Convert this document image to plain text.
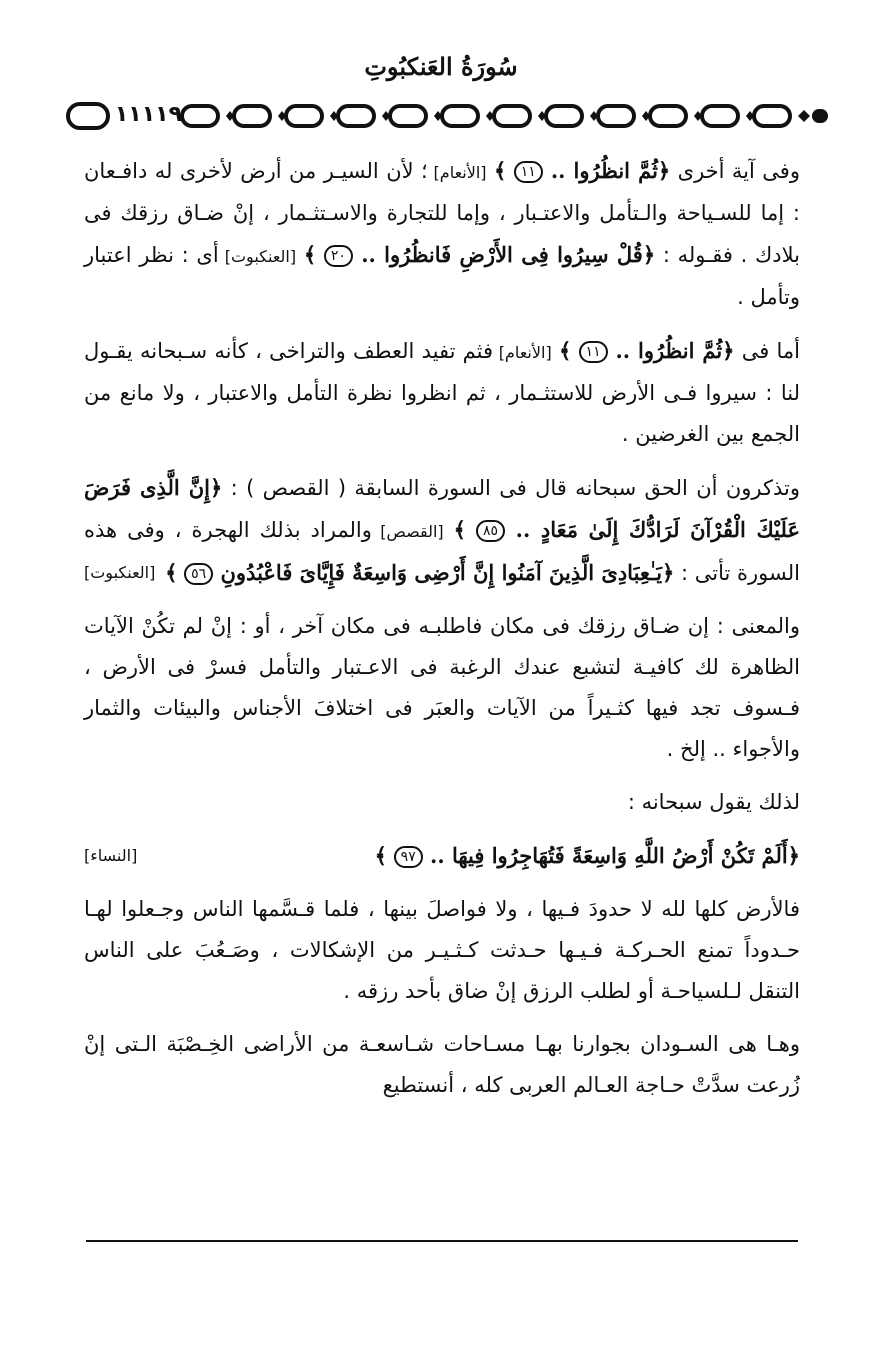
سُورَةُ العَنكبُوتِ
١١١١٩

وفى آية أخرى ﴿ثُمَّ انظُرُوا .. ١١ ﴾ [الأنعام] ؛ لأن السيـر من أرض لأخرى له دافـعان : إما للسـياحة والـتأمل والاعتـبار ، وإما للتجارة والاسـتثـمار ، إنْ ضـاق رزقك فى بلادك . فقـوله : ﴿قُلْ سِيرُوا فِى الأَرْضِ فَانظُرُوا .. ٢٠ ﴾ [العنكبوت] أى : نظر اعتبار وتأمل .

أما فى ﴿ثُمَّ انظُرُوا .. ١١ ﴾ [الأنعام] فثم تفيد العطف والتراخى ، كأنه سـبحانه يقـول لنا : سيروا فـى الأرض للاستثـمار ، ثم انظروا نظرة التأمل والاعتبار ، ولا مانع من الجمع بين الغرضين .

وتذكرون أن الحق سبحانه قال فى السورة السابقة ( القصص ) : ﴿إِنَّ الَّذِى فَرَضَ عَلَيْكَ الْقُرْآنَ لَرَادُّكَ إِلَىٰ مَعَادٍ .. ٨٥ ﴾ [القصص] والمراد بذلك الهجرة ، وفى هذه السورة تأتى : ﴿يَـٰعِبَادِىَ الَّذِينَ آمَنُوا إِنَّ أَرْضِى وَاسِعَةٌ فَإِيَّاىَ فَاعْبُدُونِ ٥٦ ﴾
[العنكبوت]

والمعنى : إن ضـاق رزقك فى مكان فاطلبـه فى مكان آخر ، أو : إنْ لم تكُنْ الآيات الظاهرة لك كافيـة لتشبع عندك الرغبة فى الاعـتبار والتأمل فسرْ فى الأرض ، فـسوف تجد فيها كثـيراً من الآيات والعبَر فى اختلافَ الأجناس والبيئات والثمار والأجواء .. إلخ .

لذلك يقول سبحانه :

﴿أَلَمْ تَكُنْ أَرْضُ اللَّهِ وَاسِعَةً فَتُهَاجِرُوا فِيهَا .. ٩٧ ﴾
[النساء]

فالأرض كلها لله لا حدودَ فـيها ، ولا فواصلَ بينها ، فلما قـسَّمها الناس وجـعلوا لهـا حـدوداً تمنع الحـركـة فـيـها حـدثت كـثـيـر من الإشكالات ، وصَـعُبَ على الناس التنقل لـلسياحـة أو لطلب الرزق إنْ ضاق بأحد رزقه .

وهـا هى السـودان بجوارنا بهـا مسـاحات شـاسعـة من الأراضى الخِـصْبَة الـتى إنْ زُرعت سدَّتْ حـاجة العـالم العربى كله ، أنستطيع
